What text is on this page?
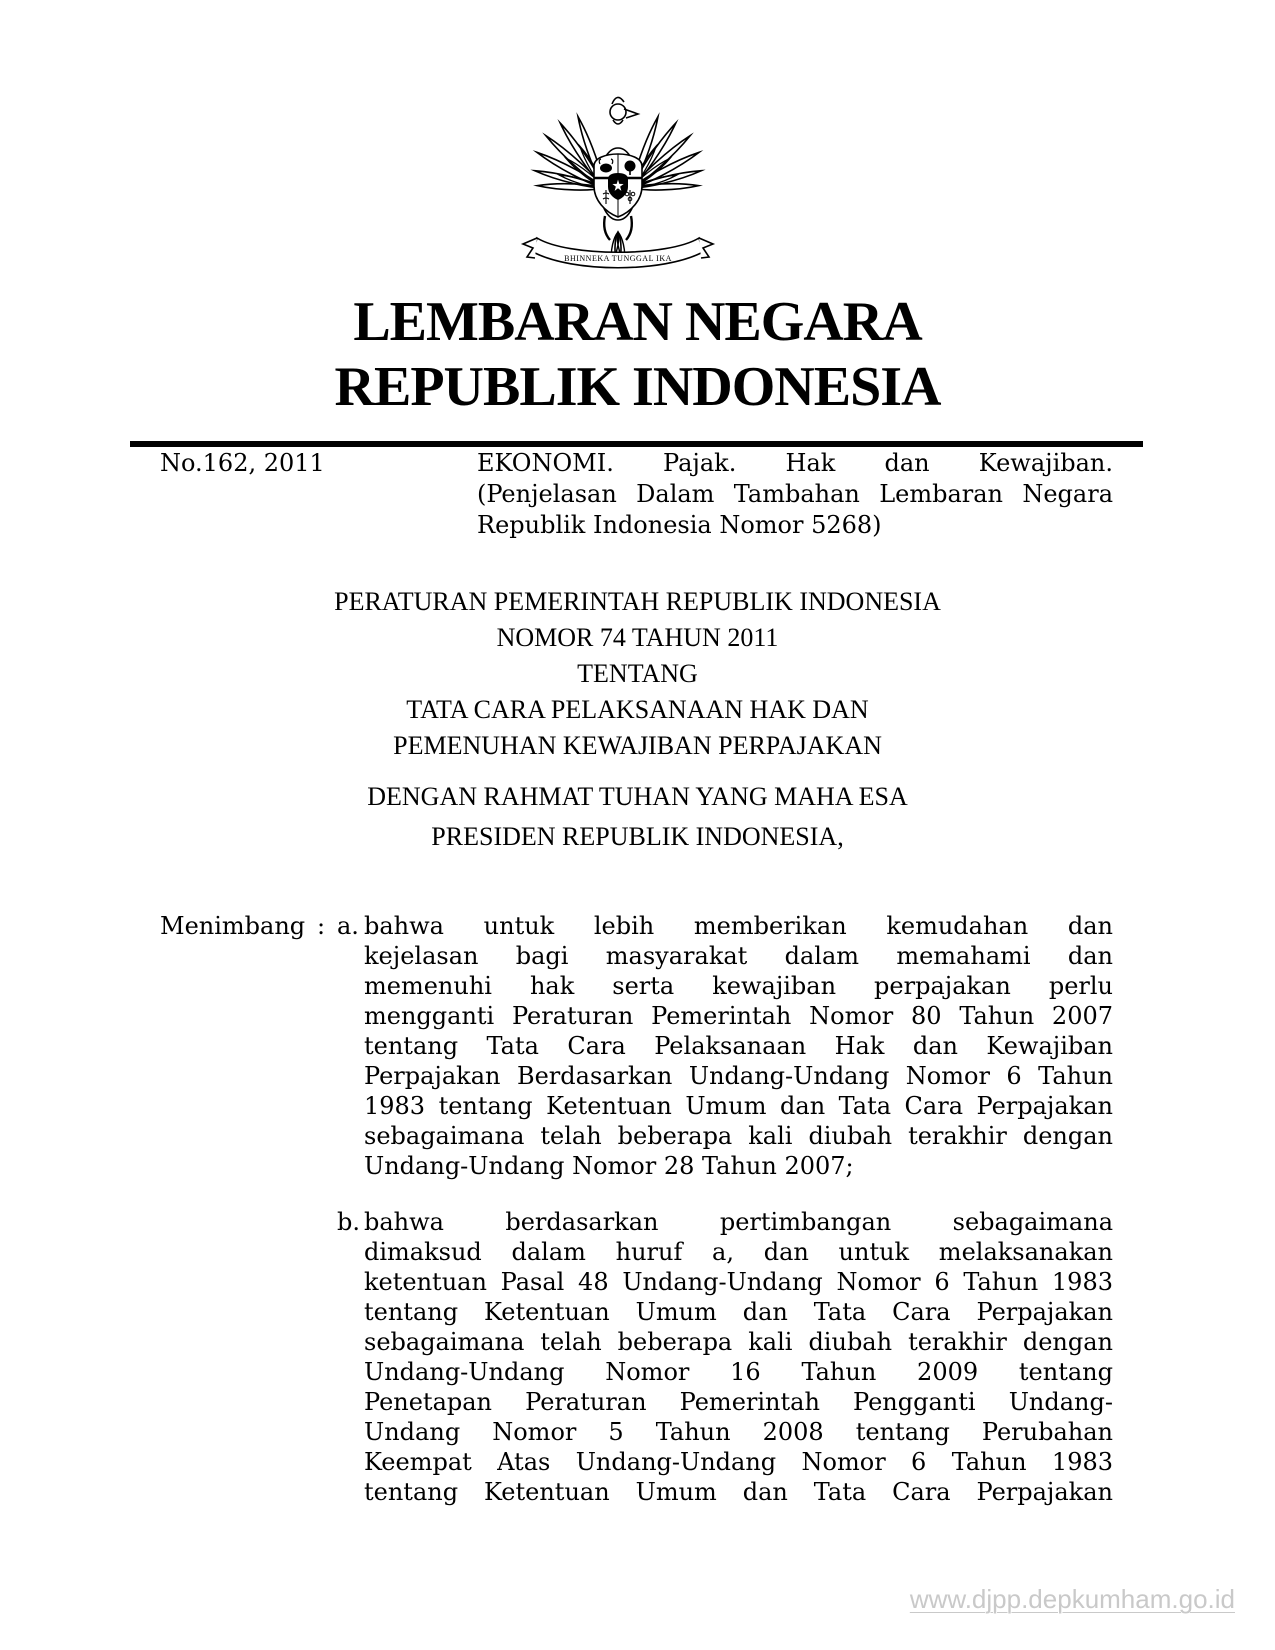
BHINNEKA TUNGGAL IKA
LEMBARAN NEGARA
REPUBLIK INDONESIA
No.162, 2011	EKONOMI. Pajak. Hak dan Kewajiban.
(Penjelasan Dalam Tambahan Lembaran Negara
Republik Indonesia Nomor 5268)
PERATURAN PEMERINTAH REPUBLIK INDONESIA
NOMOR 74 TAHUN 2011
TENTANG
TATA CARA PELAKSANAAN HAK DAN
PEMENUHAN KEWAJIBAN PERPAJAKAN
DENGAN RAHMAT TUHAN YANG MAHA ESA
PRESIDEN REPUBLIK INDONESIA,
Menimbang : a. bahwa untuk lebih memberikan kemudahan dan
kejelasan bagi masyarakat dalam memahami dan
memenuhi hak serta kewajiban perpajakan perlu
mengganti Peraturan Pemerintah Nomor 80 Tahun 2007
tentang Tata Cara Pelaksanaan Hak dan Kewajiban
Perpajakan Berdasarkan Undang-Undang Nomor 6 Tahun
1983 tentang Ketentuan Umum dan Tata Cara Perpajakan
sebagaimana telah beberapa kali diubah terakhir dengan
Undang-Undang Nomor 28 Tahun 2007;
b. bahwa berdasarkan pertimbangan sebagaimana
dimaksud dalam huruf a, dan untuk melaksanakan
ketentuan Pasal 48 Undang-Undang Nomor 6 Tahun 1983
tentang Ketentuan Umum dan Tata Cara Perpajakan
sebagaimana telah beberapa kali diubah terakhir dengan
Undang-Undang Nomor 16 Tahun 2009 tentang
Penetapan Peraturan Pemerintah Pengganti Undang-
Undang Nomor 5 Tahun 2008 tentang Perubahan
Keempat Atas Undang-Undang Nomor 6 Tahun 1983
tentang Ketentuan Umum dan Tata Cara Perpajakan
www.djpp.depkumham.go.id
